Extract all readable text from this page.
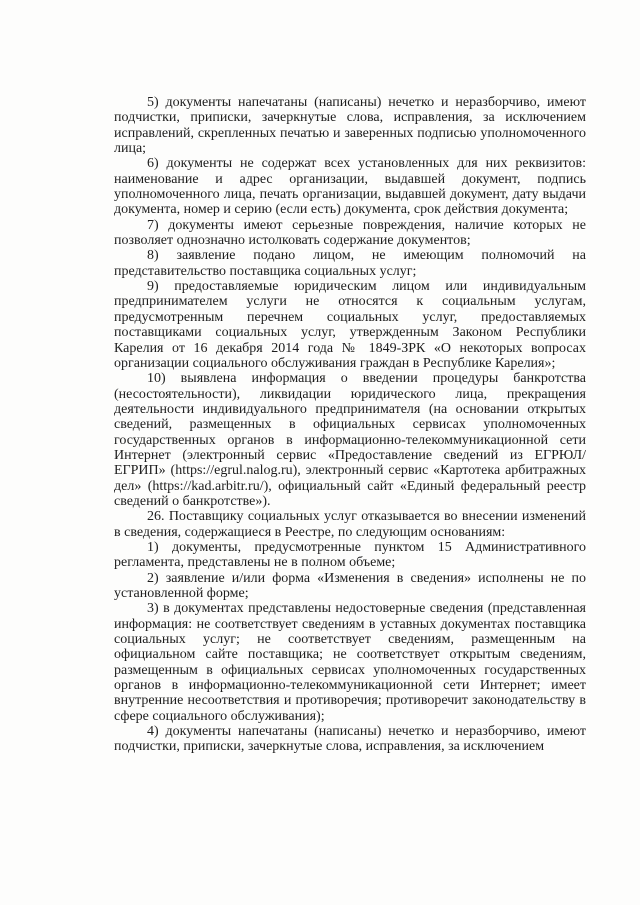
5) документы напечатаны (написаны) нечетко и неразборчиво, имеют подчистки, приписки, зачеркнутые слова, исправления, за исключением исправлений, скрепленных печатью и заверенных подписью уполномоченного лица;

6) документы не содержат всех установленных для них реквизитов: наименование и адрес организации, выдавшей документ, подпись уполномоченного лица, печать организации, выдавшей документ, дату выдачи документа, номер и серию (если есть) документа, срок действия документа;

7) документы имеют серьезные повреждения, наличие которых не позволяет однозначно истолковать содержание документов;

8) заявление подано лицом, не имеющим полномочий на представительство поставщика социальных услуг;

9) предоставляемые юридическим лицом или индивидуальным предпринимателем услуги не относятся к социальным услугам, предусмотренным перечнем социальных услуг, предоставляемых поставщиками социальных услуг, утвержденным Законом Республики Карелия от 16 декабря 2014 года № 1849-ЗРК «О некоторых вопросах организации социального обслуживания граждан в Республике Карелия»;

10) выявлена информация о введении процедуры банкротства (несостоятельности), ликвидации юридического лица, прекращения деятельности индивидуального предпринимателя (на основании открытых сведений, размещенных в официальных сервисах уполномоченных государственных органов в информационно-телекоммуникационной сети Интернет (электронный сервис «Предоставление сведений из ЕГРЮЛ/ЕГРИП» (https://egrul.nalog.ru), электронный сервис «Картотека арбитражных дел» (https://kad.arbitr.ru/), официальный сайт «Единый федеральный реестр сведений о банкротстве»).

26. Поставщику социальных услуг отказывается во внесении изменений в сведения, содержащиеся в Реестре, по следующим основаниям:

1) документы, предусмотренные пунктом 15 Административного регламента, представлены не в полном объеме;

2) заявление и/или форма «Изменения в сведения» исполнены не по установленной форме;

3) в документах представлены недостоверные сведения (представленная информация: не соответствует сведениям в уставных документах поставщика социальных услуг; не соответствует сведениям, размещенным на официальном сайте поставщика; не соответствует открытым сведениям, размещенным в официальных сервисах уполномоченных государственных органов в информационно-телекоммуникационной сети Интернет; имеет внутренние несоответствия и противоречия; противоречит законодательству в сфере социального обслуживания);

4) документы напечатаны (написаны) нечетко и неразборчиво, имеют подчистки, приписки, зачеркнутые слова, исправления, за исключением
